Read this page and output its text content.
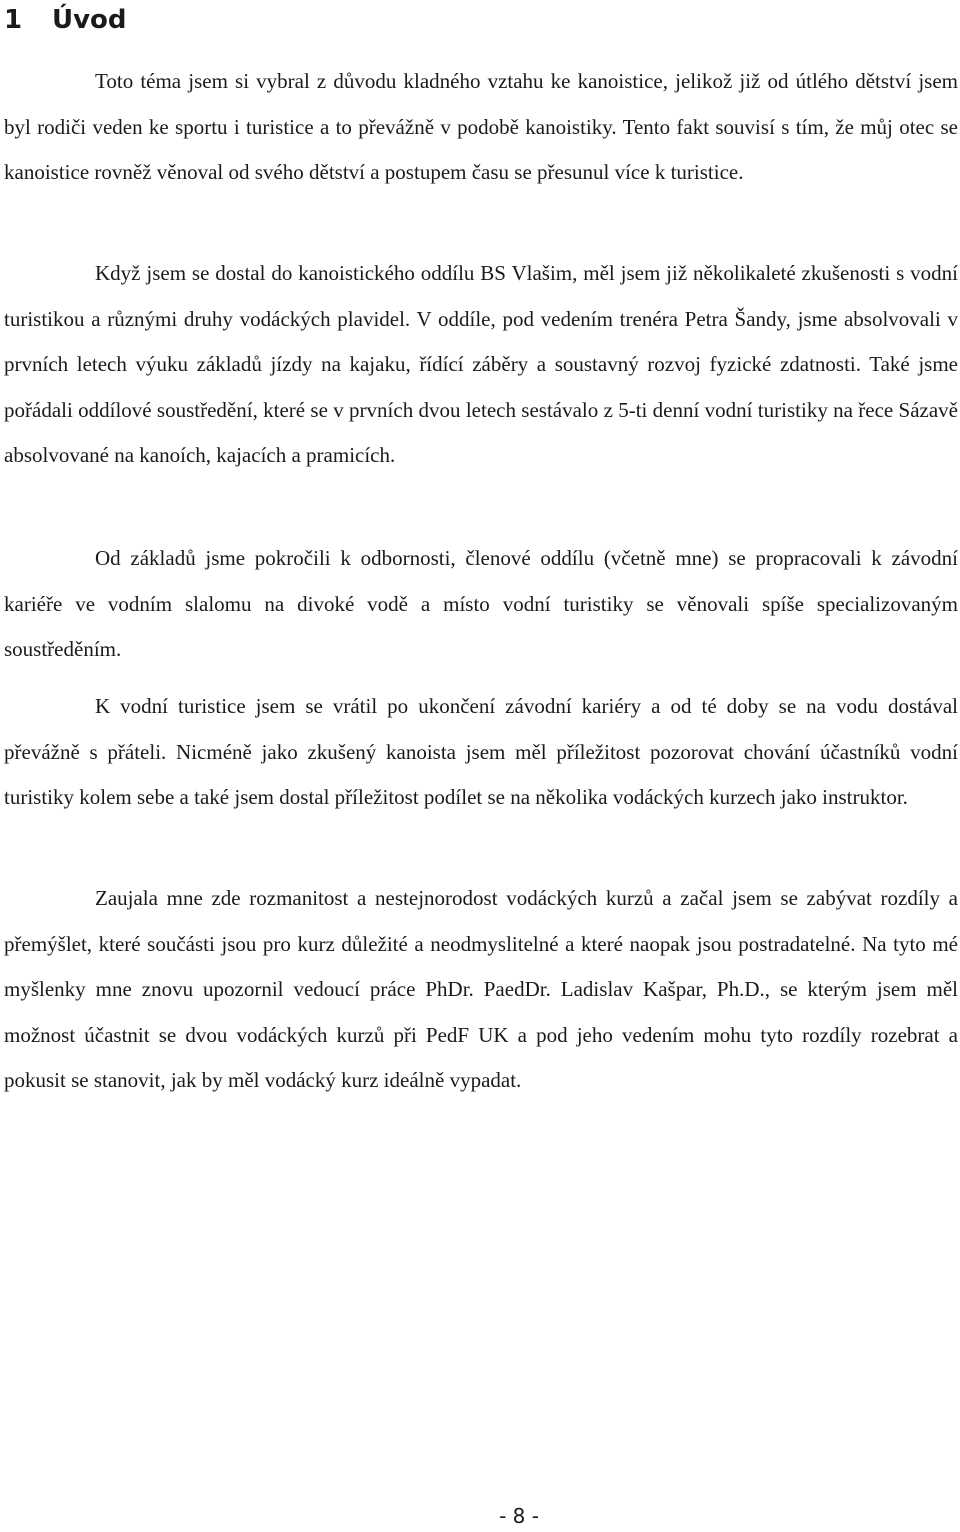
1 Úvod

Toto téma jsem si vybral z důvodu kladného vztahu ke kanoistice, jelikož již od útlého dětství jsem byl rodiči veden ke sportu i turistice a to převážně v podobě kanoistiky. Tento fakt souvisí s tím, že můj otec se kanoistice rovněž věnoval od svého dětství a postupem času se přesunul více k turistice.

Když jsem se dostal do kanoistického oddílu BS Vlašim, měl jsem již několikaleté zkušenosti s vodní turistikou a různými druhy vodáckých plavidel. V oddíle, pod vedením trenéra Petra Šandy, jsme absolvovali v prvních letech výuku základů jízdy na kajaku, řídící záběry a soustavný rozvoj fyzické zdatnosti. Také jsme pořádali oddílové soustředění, které se v prvních dvou letech sestávalo z 5-ti denní vodní turistiky na řece Sázavě absolvované na kanoích, kajacích a pramicích.

Od základů jsme pokročili k odbornosti, členové oddílu (včetně mne) se propracovali k závodní kariéře ve vodním slalomu na divoké vodě a místo vodní turistiky se věnovali spíše specializovaným soustředěním.

K vodní turistice jsem se vrátil po ukončení závodní kariéry a od té doby se na vodu dostával převážně s přáteli. Nicméně jako zkušený kanoista jsem měl příležitost pozorovat chování účastníků vodní turistiky kolem sebe a také jsem dostal příležitost podílet se na několika vodáckých kurzech jako instruktor.

Zaujala mne zde rozmanitost a nestejnorodost vodáckých kurzů a začal jsem se zabývat rozdíly a přemýšlet, které součásti jsou pro kurz důležité a neodmyslitelné a které naopak jsou postradatelné. Na tyto mé myšlenky mne znovu upozornil vedoucí práce PhDr. PaedDr. Ladislav Kašpar, Ph.D., se kterým jsem měl možnost účastnit se dvou vodáckých kurzů při PedF UK a pod jeho vedením mohu tyto rozdíly rozebrat a pokusit se stanovit, jak by měl vodácký kurz ideálně vypadat.

- 8 -
